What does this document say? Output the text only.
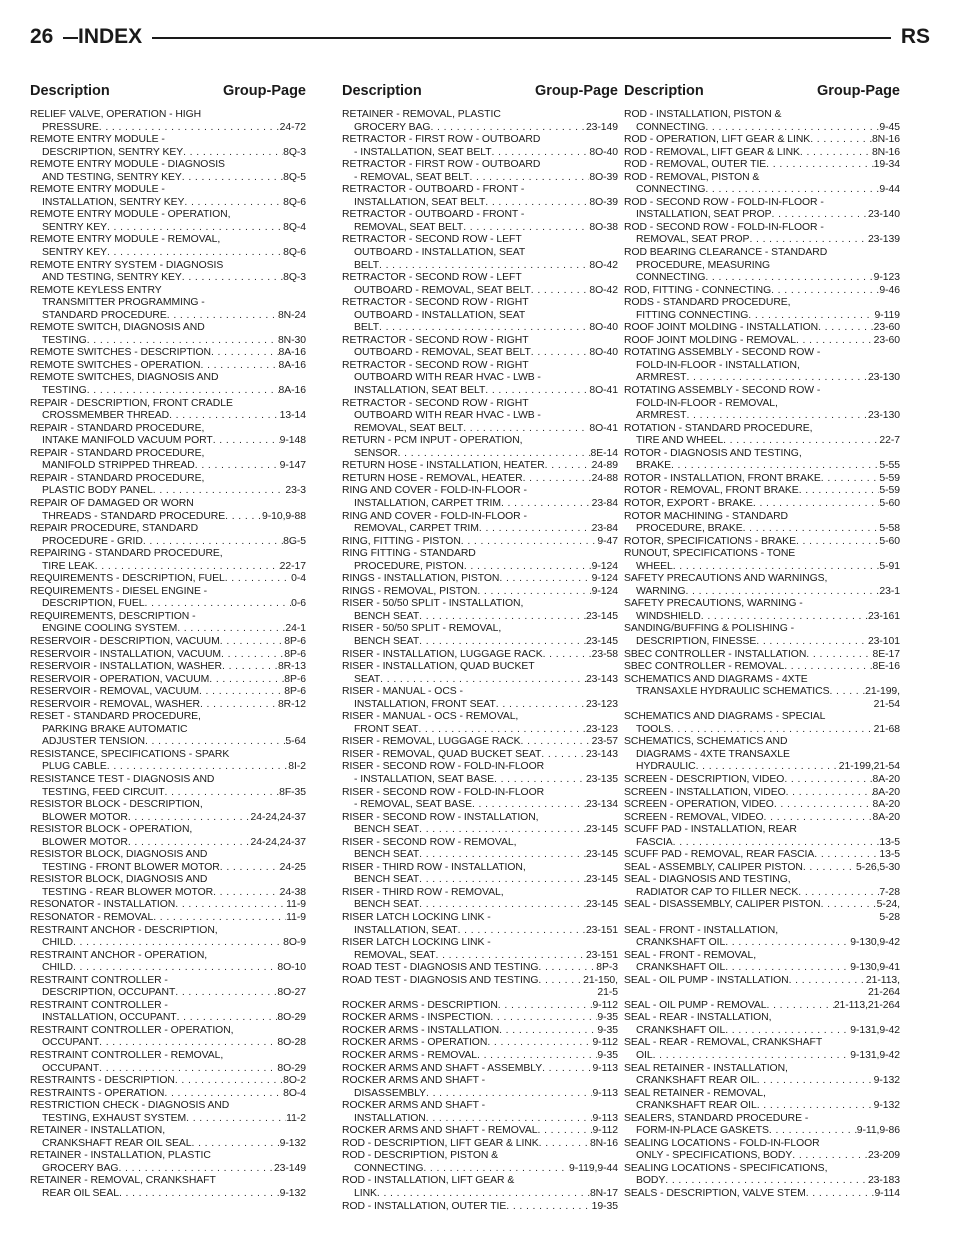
26	INDEX	RS
Description	Group-Page
RELIEF VALVE, OPERATION - HIGH
PRESSURE . . .	24-72
REMOTE ENTRY MODULE -
DESCRIPTION, SENTRY KEY . . .	8Q-3
REMOTE ENTRY MODULE - DIAGNOSIS
AND TESTING, SENTRY KEY . . .	8Q-5
REMOTE ENTRY MODULE -
INSTALLATION, SENTRY KEY . . .	8Q-6
REMOTE ENTRY MODULE - OPERATION,
SENTRY KEY . . .	8Q-4
REMOTE ENTRY MODULE - REMOVAL,
SENTRY KEY . . .	8Q-6
REMOTE ENTRY SYSTEM - DIAGNOSIS
AND TESTING, SENTRY KEY . . .	8Q-3
REMOTE KEYLESS ENTRY
TRANSMITTER PROGRAMMING -
STANDARD PROCEDURE . . .	8N-24
REMOTE SWITCH, DIAGNOSIS AND
TESTING . . .	8N-30
REMOTE SWITCHES - DESCRIPTION . . .	8A-16
REMOTE SWITCHES - OPERATION . . .	8A-16
REMOTE SWITCHES, DIAGNOSIS AND
TESTING . . .	8A-16
REPAIR - DESCRIPTION, FRONT CRADLE
CROSSMEMBER THREAD . . .	13-14
REPAIR - STANDARD PROCEDURE,
INTAKE MANIFOLD VACUUM PORT . . .	9-148
REPAIR - STANDARD PROCEDURE,
MANIFOLD STRIPPED THREAD . . .	9-147
REPAIR - STANDARD PROCEDURE,
PLASTIC BODY PANEL . . .	23-3
REPAIR OF DAMAGED OR WORN
THREADS - STANDARD PROCEDURE . . .	9-10,9-88
REPAIR PROCEDURE, STANDARD
PROCEDURE - GRID . . .	8G-5
REPAIRING - STANDARD PROCEDURE,
TIRE LEAK . . .	22-17
REQUIREMENTS - DESCRIPTION, FUEL . . .	0-4
REQUIREMENTS - DIESEL ENGINE -
DESCRIPTION, FUEL . . .	0-6
REQUIREMENTS, DESCRIPTION -
ENGINE COOLING SYSTEM . . .	24-1
RESERVOIR - DESCRIPTION, VACUUM . . .	8P-6
RESERVOIR - INSTALLATION, VACUUM . . .	8P-6
RESERVOIR - INSTALLATION, WASHER . . .	8R-13
RESERVOIR - OPERATION, VACUUM . . .	8P-6
RESERVOIR - REMOVAL, VACUUM . . .	8P-6
RESERVOIR - REMOVAL, WASHER . . .	8R-12
RESET - STANDARD PROCEDURE,
PARKING BRAKE AUTOMATIC
ADJUSTER TENSION . . .	5-64
RESISTANCE, SPECIFICATIONS - SPARK
PLUG CABLE . . .	8I-2
RESISTANCE TEST - DIAGNOSIS AND
TESTING, FEED CIRCUIT . . .	8F-35
RESISTOR BLOCK - DESCRIPTION,
BLOWER MOTOR . . .	24-24,24-37
RESISTOR BLOCK - OPERATION,
BLOWER MOTOR . . .	24-24,24-37
RESISTOR BLOCK, DIAGNOSIS AND
TESTING - FRONT BLOWER MOTOR . . .	24-25
RESISTOR BLOCK, DIAGNOSIS AND
TESTING - REAR BLOWER MOTOR . . .	24-38
RESONATOR - INSTALLATION . . .	11-9
RESONATOR - REMOVAL . . .	11-9
RESTRAINT ANCHOR - DESCRIPTION,
CHILD . . .	8O-9
RESTRAINT ANCHOR - OPERATION,
CHILD . . .	8O-10
RESTRAINT CONTROLLER -
DESCRIPTION, OCCUPANT . . .	8O-27
RESTRAINT CONTROLLER -
INSTALLATION, OCCUPANT . . .	8O-29
RESTRAINT CONTROLLER - OPERATION,
OCCUPANT . . .	8O-28
RESTRAINT CONTROLLER - REMOVAL,
OCCUPANT . . .	8O-29
RESTRAINTS - DESCRIPTION . . .	8O-2
RESTRAINTS - OPERATION . . .	8O-4
RESTRICTION CHECK - DIAGNOSIS AND
TESTING, EXHAUST SYSTEM . . .	11-2
RETAINER - INSTALLATION,
CRANKSHAFT REAR OIL SEAL . . .	9-132
RETAINER - INSTALLATION, PLASTIC
GROCERY BAG . . .	23-149
RETAINER - REMOVAL, CRANKSHAFT
REAR OIL SEAL . . .	9-132
Description	Group-Page
RETAINER - REMOVAL, PLASTIC
GROCERY BAG . . .	23-149
RETRACTOR - FIRST ROW - OUTBOARD
- INSTALLATION, SEAT BELT . . .	8O-40
RETRACTOR - FIRST ROW - OUTBOARD
- REMOVAL, SEAT BELT . . .	8O-39
RETRACTOR - OUTBOARD - FRONT -
INSTALLATION, SEAT BELT . . .	8O-39
RETRACTOR - OUTBOARD - FRONT -
REMOVAL, SEAT BELT . . .	8O-38
RETRACTOR - SECOND ROW - LEFT
OUTBOARD - INSTALLATION, SEAT
BELT . . .	8O-42
RETRACTOR - SECOND ROW - LEFT
OUTBOARD - REMOVAL, SEAT BELT . . .	8O-42
RETRACTOR - SECOND ROW - RIGHT
OUTBOARD - INSTALLATION, SEAT
BELT . . .	8O-40
RETRACTOR - SECOND ROW - RIGHT
OUTBOARD - REMOVAL, SEAT BELT . . .	8O-40
RETRACTOR - SECOND ROW - RIGHT
OUTBOARD WITH REAR HVAC - LWB -
INSTALLATION, SEAT BELT . . .	8O-41
RETRACTOR - SECOND ROW - RIGHT
OUTBOARD WITH REAR HVAC - LWB -
REMOVAL, SEAT BELT . . .	8O-41
RETURN - PCM INPUT - OPERATION,
SENSOR . . .	8E-14
RETURN HOSE - INSTALLATION, HEATER . . .	24-89
RETURN HOSE - REMOVAL, HEATER . . .	24-88
RING AND COVER - FOLD-IN-FLOOR -
INSTALLATION, CARPET TRIM . . .	23-84
RING AND COVER - FOLD-IN-FLOOR -
REMOVAL, CARPET TRIM . . .	23-84
RING, FITTING - PISTON . . .	9-47
RING FITTING - STANDARD
PROCEDURE, PISTON . . .	9-124
RINGS - INSTALLATION, PISTON . . .	9-124
RINGS - REMOVAL, PISTON . . .	9-124
RISER - 50/50 SPLIT - INSTALLATION,
BENCH SEAT . . .	23-145
RISER - 50/50 SPLIT - REMOVAL,
BENCH SEAT . . .	23-145
RISER - INSTALLATION, LUGGAGE RACK . . .	23-58
RISER - INSTALLATION, QUAD BUCKET
SEAT . . .	23-143
RISER - MANUAL - OCS -
INSTALLATION, FRONT SEAT . . .	23-123
RISER - MANUAL - OCS - REMOVAL,
FRONT SEAT . . .	23-123
RISER - REMOVAL, LUGGAGE RACK . . .	23-57
RISER - REMOVAL, QUAD BUCKET SEAT . . .	23-143
RISER - SECOND ROW - FOLD-IN-FLOOR
- INSTALLATION, SEAT BASE . . .	23-135
RISER - SECOND ROW - FOLD-IN-FLOOR
- REMOVAL, SEAT BASE . . .	23-134
RISER - SECOND ROW - INSTALLATION,
BENCH SEAT . . .	23-145
RISER - SECOND ROW - REMOVAL,
BENCH SEAT . . .	23-145
RISER - THIRD ROW - INSTALLATION,
BENCH SEAT . . .	23-145
RISER - THIRD ROW - REMOVAL,
BENCH SEAT . . .	23-145
RISER LATCH LOCKING LINK -
INSTALLATION, SEAT . . .	23-151
RISER LATCH LOCKING LINK -
REMOVAL, SEAT . . .	23-151
ROAD TEST - DIAGNOSIS AND TESTING . . .	8P-3
ROAD TEST - DIAGNOSIS AND TESTING . . .	21-150,
21-5
ROCKER ARMS - DESCRIPTION . . .	9-112
ROCKER ARMS - INSPECTION . . .	9-35
ROCKER ARMS - INSTALLATION . . .	9-35
ROCKER ARMS - OPERATION . . .	9-112
ROCKER ARMS - REMOVAL . . .	9-35
ROCKER ARMS AND SHAFT - ASSEMBLY . . .	9-113
ROCKER ARMS AND SHAFT -
DISASSEMBLY . . .	9-113
ROCKER ARMS AND SHAFT -
INSTALLATION . . .	9-113
ROCKER ARMS AND SHAFT - REMOVAL . . .	9-112
ROD - DESCRIPTION, LIFT GEAR & LINK . . .	8N-16
ROD - DESCRIPTION, PISTON &
CONNECTING . . .	9-119,9-44
ROD - INSTALLATION, LIFT GEAR &
LINK . . .	8N-17
ROD - INSTALLATION, OUTER TIE . . .	19-35
Description	Group-Page
ROD - INSTALLATION, PISTON &
CONNECTING . . .	9-45
ROD - OPERATION, LIFT GEAR & LINK . . .	8N-16
ROD - REMOVAL, LIFT GEAR & LINK . . .	8N-16
ROD - REMOVAL, OUTER TIE . . .	19-34
ROD - REMOVAL, PISTON &
CONNECTING . . .	9-44
ROD - SECOND ROW - FOLD-IN-FLOOR -
INSTALLATION, SEAT PROP . . .	23-140
ROD - SECOND ROW - FOLD-IN-FLOOR -
REMOVAL, SEAT PROP . . .	23-139
ROD BEARING CLEARANCE - STANDARD
PROCEDURE, MEASURING
CONNECTING . . .	9-123
ROD, FITTING - CONNECTING . . .	9-46
RODS - STANDARD PROCEDURE,
FITTING CONNECTING . . .	9-119
ROOF JOINT MOLDING - INSTALLATION . . .	23-60
ROOF JOINT MOLDING - REMOVAL . . .	23-60
ROTATING ASSEMBLY - SECOND ROW -
FOLD-IN-FLOOR - INSTALLATION,
ARMREST . . .	23-130
ROTATING ASSEMBLY - SECOND ROW -
FOLD-IN-FLOOR - REMOVAL,
ARMREST . . .	23-130
ROTATION - STANDARD PROCEDURE,
TIRE AND WHEEL . . .	22-7
ROTOR - DIAGNOSIS AND TESTING,
BRAKE . . .	5-55
ROTOR - INSTALLATION, FRONT BRAKE . . .	5-59
ROTOR - REMOVAL, FRONT BRAKE . . .	5-59
ROTOR, EXPORT - BRAKE . . .	5-60
ROTOR MACHINING - STANDARD
PROCEDURE, BRAKE . . .	5-58
ROTOR, SPECIFICATIONS - BRAKE . . .	5-60
RUNOUT, SPECIFICATIONS - TONE
WHEEL . . .	5-91
SAFETY PRECAUTIONS AND WARNINGS,
WARNING . . .	23-1
SAFETY PRECAUTIONS, WARNING -
WINDSHIELD . . .	23-161
SANDING/BUFFING & POLISHING -
DESCRIPTION, FINESSE . . .	23-101
SBEC CONTROLLER - INSTALLATION . . .	8E-17
SBEC CONTROLLER - REMOVAL . . .	8E-16
SCHEMATICS AND DIAGRAMS - 4XTE
TRANSAXLE HYDRAULIC SCHEMATICS . . .	21-199,
21-54
SCHEMATICS AND DIAGRAMS - SPECIAL
TOOLS . . .	21-68
SCHEMATICS, SCHEMATICS AND
DIAGRAMS - 4XTE TRANSAXLE
HYDRAULIC . . .	21-199,21-54
SCREEN - DESCRIPTION, VIDEO . . .	8A-20
SCREEN - INSTALLATION, VIDEO . . .	8A-20
SCREEN - OPERATION, VIDEO . . .	8A-20
SCREEN - REMOVAL, VIDEO . . .	8A-20
SCUFF PAD - INSTALLATION, REAR
FASCIA . . .	13-5
SCUFF PAD - REMOVAL, REAR FASCIA . . .	13-5
SEAL - ASSEMBLY, CALIPER PISTON . . .	5-26,5-30
SEAL - DIAGNOSIS AND TESTING,
RADIATOR CAP TO FILLER NECK . . .	7-28
SEAL - DISASSEMBLY, CALIPER PISTON . . .	5-24,
5-28
SEAL - FRONT - INSTALLATION,
CRANKSHAFT OIL . . .	9-130,9-42
SEAL - FRONT - REMOVAL,
CRANKSHAFT OIL . . .	9-130,9-41
SEAL - OIL PUMP - INSTALLATION . . .	21-113,
21-264
SEAL - OIL PUMP - REMOVAL . . .	21-113,21-264
SEAL - REAR - INSTALLATION,
CRANKSHAFT OIL . . .	9-131,9-42
SEAL - REAR - REMOVAL, CRANKSHAFT
OIL . . .	9-131,9-42
SEAL RETAINER - INSTALLATION,
CRANKSHAFT REAR OIL . . .	9-132
SEAL RETAINER - REMOVAL,
CRANKSHAFT REAR OIL . . .	9-132
SEALERS, STANDARD PROCEDURE -
FORM-IN-PLACE GASKETS . . .	9-11,9-86
SEALING LOCATIONS - FOLD-IN-FLOOR
ONLY - SPECIFICATIONS, BODY . . .	23-209
SEALING LOCATIONS - SPECIFICATIONS,
BODY . . .	23-183
SEALS - DESCRIPTION, VALVE STEM . . .	9-114
